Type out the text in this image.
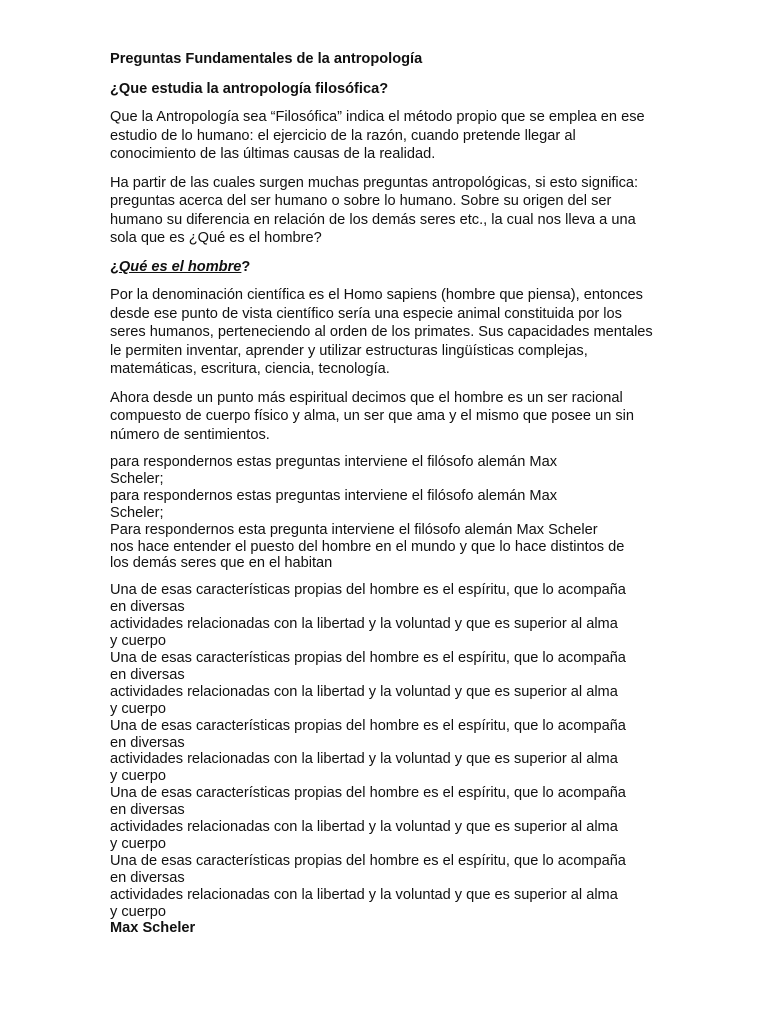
Preguntas Fundamentales de la antropología

¿Que estudia la antropología filosófica?

Que la Antropología sea “Filosófica” indica el método propio que se emplea en ese estudio de lo humano: el ejercicio de la razón, cuando pretende llegar al conocimiento de las últimas causas de la realidad.

Ha partir de las cuales surgen muchas preguntas antropológicas, si esto significa: preguntas acerca del ser humano o sobre lo humano. Sobre su origen del ser humano su diferencia en relación de los demás seres etc., la cual nos lleva a una sola que es ¿Qué es el hombre?

¿Qué es el hombre?

Por la denominación científica es el Homo sapiens (hombre que piensa), entonces desde ese punto de vista científico sería una especie animal constituida por los seres humanos, perteneciendo al orden de los primates. Sus capacidades mentales le permiten inventar, aprender y utilizar estructuras lingüísticas complejas, matemáticas, escritura, ciencia, tecnología.

Ahora desde un punto más espiritual decimos que el hombre es un ser racional compuesto de cuerpo físico y alma, un ser que ama y el mismo que posee un sin número de sentimientos.

para respondernos estas preguntas interviene el filósofo alemán Max
Scheler;
para respondernos estas preguntas interviene el filósofo alemán Max
Scheler;
Para respondernos esta pregunta interviene el filósofo alemán Max Scheler
nos hace entender el puesto del hombre en el mundo y que lo hace distintos de
los demás seres que en el habitan
Una de esas características propias del hombre es el espíritu, que lo acompaña
en diversas
actividades relacionadas con la libertad y la voluntad y que es superior al alma
y cuerpo
Una de esas características propias del hombre es el espíritu, que lo acompaña
en diversas
actividades relacionadas con la libertad y la voluntad y que es superior al alma
y cuerpo
Una de esas características propias del hombre es el espíritu, que lo acompaña
en diversas
actividades relacionadas con la libertad y la voluntad y que es superior al alma
y cuerpo
Una de esas características propias del hombre es el espíritu, que lo acompaña
en diversas
actividades relacionadas con la libertad y la voluntad y que es superior al alma
y cuerpo
Una de esas características propias del hombre es el espíritu, que lo acompaña
en diversas
actividades relacionadas con la libertad y la voluntad y que es superior al alma
y cuerpo
Max Scheler
